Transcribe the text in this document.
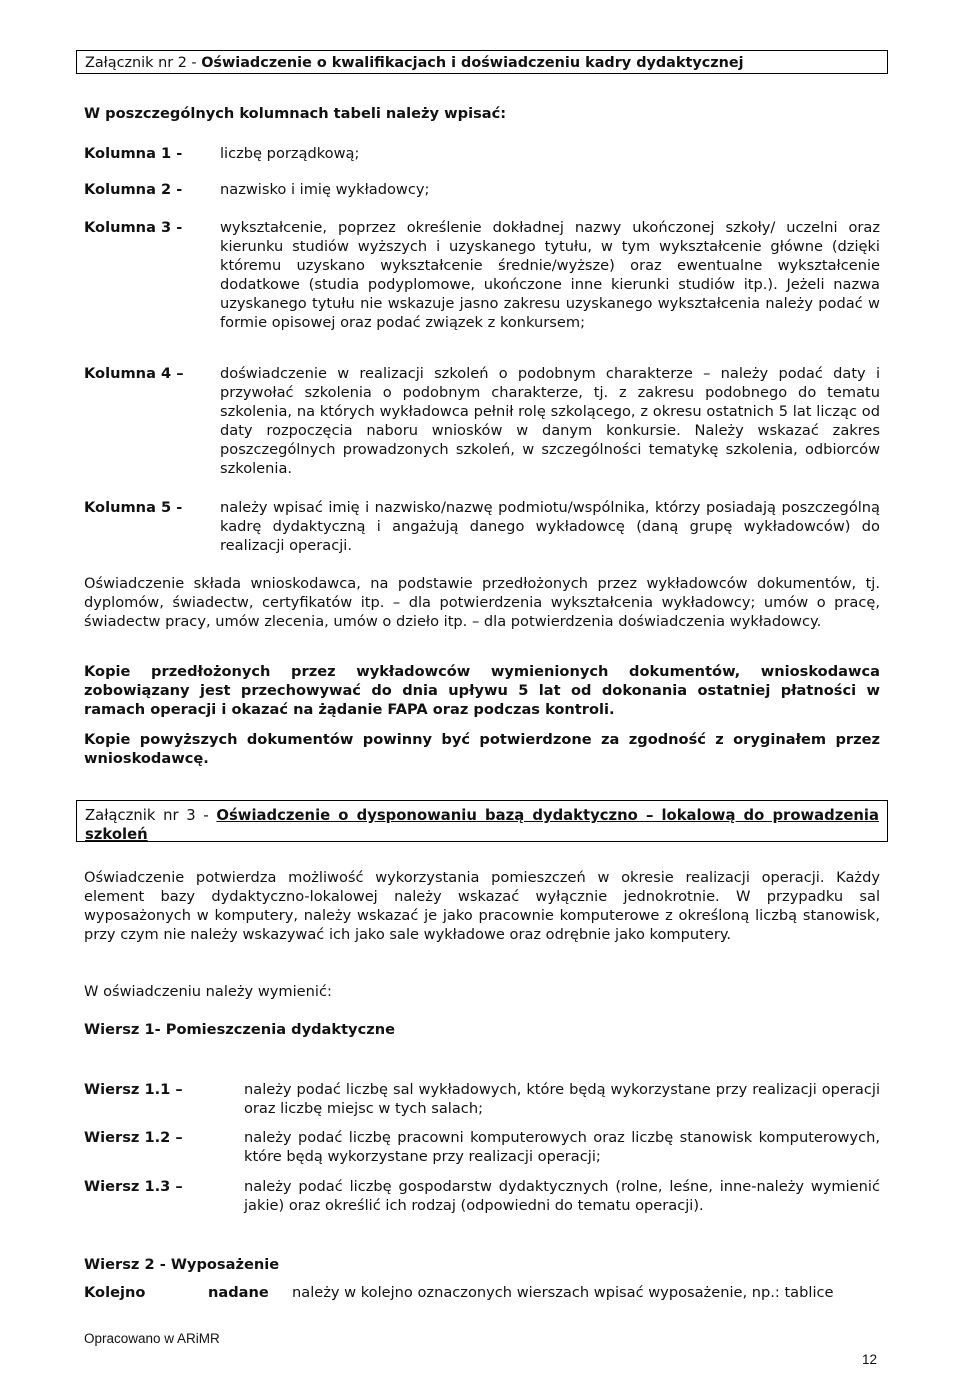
Załącznik nr 2 - Oświadczenie o kwalifikacjach i doświadczeniu kadry dydaktycznej
W poszczególnych kolumnach tabeli należy wpisać:
Kolumna 1 -	liczbę porządkową;
Kolumna 2 -	nazwisko i imię wykładowcy;
Kolumna 3 -	wykształcenie, poprzez określenie dokładnej nazwy ukończonej szkoły/ uczelni oraz kierunku studiów wyższych i uzyskanego tytułu, w tym wykształcenie główne (dzięki któremu uzyskano wykształcenie średnie/wyższe) oraz ewentualne wykształcenie dodatkowe (studia podyplomowe, ukończone inne kierunki studiów itp.). Jeżeli nazwa uzyskanego tytułu nie wskazuje jasno zakresu uzyskanego wykształcenia należy podać w formie opisowej oraz podać związek z konkursem;
Kolumna 4 – doświadczenie w realizacji szkoleń o podobnym charakterze – należy podać daty i przywołać szkolenia o podobnym charakterze, tj. z zakresu podobnego do tematu szkolenia, na których wykładowca pełnił rolę szkolącego, z okresu ostatnich 5 lat licząc od daty rozpoczęcia naboru wniosków w danym konkursie. Należy wskazać zakres poszczególnych prowadzonych szkoleń, w szczególności tematykę szkolenia, odbiorców szkolenia.
Kolumna 5 -	należy wpisać imię i nazwisko/nazwę podmiotu/wspólnika, którzy posiadają poszczególną kadrę dydaktyczną i angażują danego wykładowcę (daną grupę wykładowców) do realizacji operacji.
Oświadczenie składa wnioskodawca, na podstawie przedłożonych przez wykładowców dokumentów, tj. dyplomów, świadectw, certyfikatów itp. – dla potwierdzenia wykształcenia wykładowcy; umów o pracę, świadectw pracy, umów zlecenia, umów o dzieło itp. – dla potwierdzenia doświadczenia wykładowcy.
Kopie przedłożonych przez wykładowców wymienionych dokumentów, wnioskodawca zobowiązany jest przechowywać do dnia upływu 5 lat od dokonania ostatniej płatności w ramach operacji i okazać na żądanie FAPA oraz podczas kontroli.
Kopie powyższych dokumentów powinny być potwierdzone za zgodność z oryginałem przez wnioskodawcę.
Załącznik nr 3 - Oświadczenie o dysponowaniu bazą dydaktyczno – lokalową do prowadzenia szkoleń
Oświadczenie potwierdza możliwość wykorzystania pomieszczeń w okresie realizacji operacji. Każdy element bazy dydaktyczno-lokalowej należy wskazać wyłącznie jednokrotnie. W przypadku sal wyposażonych w komputery, należy wskazać je jako pracownie komputerowe z określoną liczbą stanowisk, przy czym nie należy wskazywać ich jako sale wykładowe oraz odrębnie jako komputery.
W oświadczeniu należy wymienić:
Wiersz 1- Pomieszczenia dydaktyczne
Wiersz 1.1 –	należy podać liczbę sal wykładowych, które będą wykorzystane przy realizacji operacji oraz liczbę miejsc w tych salach;
Wiersz 1.2 –	należy podać liczbę pracowni komputerowych oraz liczbę stanowisk komputerowych, które będą wykorzystane przy realizacji operacji;
Wiersz 1.3 –	należy podać liczbę gospodarstw dydaktycznych (rolne, leśne, inne-należy wymienić jakie) oraz określić ich rodzaj (odpowiedni do tematu operacji).
Wiersz 2 - Wyposażenie
Kolejno	nadane należy w kolejno oznaczonych wierszach wpisać wyposażenie, np.: tablice
Opracowano w ARiMR
12
